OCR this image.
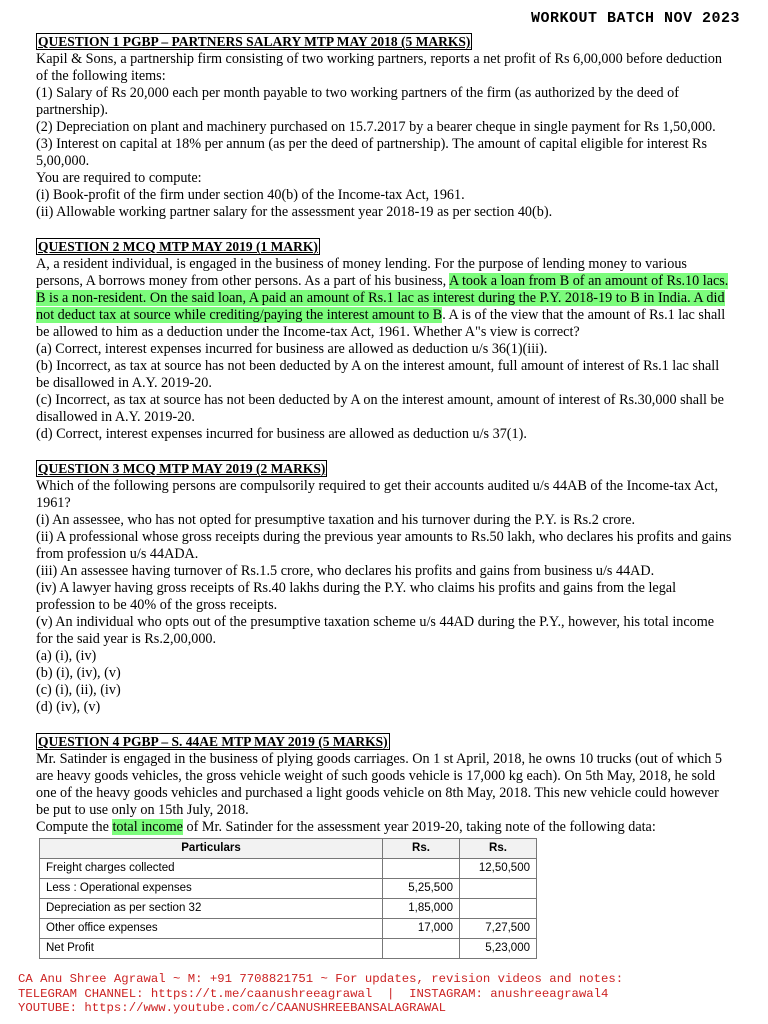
WORKOUT BATCH NOV 2023
QUESTION 1 PGBP – PARTNERS SALARY MTP MAY 2018 (5 MARKS)

Kapil & Sons, a partnership firm consisting of two working partners, reports a net profit of Rs 6,00,000 before deduction of the following items:

(1) Salary of Rs 20,000 each per month payable to two working partners of the firm (as authorized by the deed of partnership).

(2) Depreciation on plant and machinery purchased on 15.7.2017 by a bearer cheque in single payment for Rs 1,50,000.

(3) Interest on capital at 18% per annum (as per the deed of partnership). The amount of capital eligible for interest Rs 5,00,000.

You are required to compute:

(i) Book-profit of the firm under section 40(b) of the Income-tax Act, 1961.

(ii) Allowable working partner salary for the assessment year 2018-19 as per section 40(b).

QUESTION 2 MCQ MTP MAY 2019 (1 MARK)

A, a resident individual, is engaged in the business of money lending. For the purpose of lending money to various persons, A borrows money from other persons. As a part of his business, A took a loan from B of an amount of Rs.10 lacs. B is a non-resident. On the said loan, A paid an amount of Rs.1 lac as interest during the P.Y. 2018-19 to B in India. A did not deduct tax at source while crediting/paying the interest amount to B. A is of the view that the amount of Rs.1 lac shall be allowed to him as a deduction under the Income-tax Act, 1961. Whether A"s view is correct?

(a) Correct, interest expenses incurred for business are allowed as deduction u/s 36(1)(iii).

(b) Incorrect, as tax at source has not been deducted by A on the interest amount, full amount of interest of Rs.1 lac shall be disallowed in A.Y. 2019-20.

(c) Incorrect, as tax at source has not been deducted by A on the interest amount, amount of interest of Rs.30,000 shall be disallowed in A.Y. 2019-20.

(d) Correct, interest expenses incurred for business are allowed as deduction u/s 37(1).

QUESTION 3 MCQ MTP MAY 2019 (2 MARKS)

Which of the following persons are compulsorily required to get their accounts audited u/s 44AB of the Income-tax Act, 1961?

(i) An assessee, who has not opted for presumptive taxation and his turnover during the P.Y. is Rs.2 crore.

(ii) A professional whose gross receipts during the previous year amounts to Rs.50 lakh, who declares his profits and gains from profession u/s 44ADA.

(iii) An assessee having turnover of Rs.1.5 crore, who declares his profits and gains from business u/s 44AD.

(iv) A lawyer having gross receipts of Rs.40 lakhs during the P.Y. who claims his profits and gains from the legal profession to be 40% of the gross receipts.

(v) An individual who opts out of the presumptive taxation scheme u/s 44AD during the P.Y., however, his total income for the said year is Rs.2,00,000.

(a) (i), (iv)

(b) (i), (iv), (v)

(c) (i), (ii), (iv)

(d) (iv), (v)

QUESTION 4 PGBP – S. 44AE MTP MAY 2019 (5 MARKS)

Mr. Satinder is engaged in the business of plying goods carriages. On 1 st April, 2018, he owns 10 trucks (out of which 5 are heavy goods vehicles, the gross vehicle weight of such goods vehicle is 17,000 kg each). On 5th May, 2018, he sold one of the heavy goods vehicles and purchased a light goods vehicle on 8th May, 2018. This new vehicle could however be put to use only on 15th July, 2018.

Compute the total income of Mr. Satinder for the assessment year 2019-20, taking note of the following data:

Particulars	Rs.	Rs.
Freight charges collected		12,50,500
Less : Operational expenses	5,25,500	
Depreciation as per section 32	1,85,000	
Other office expenses	17,000	7,27,500
Net Profit		5,23,000
CA Anu Shree Agrawal ~ M: +91 7708821751 ~ For updates, revision videos and notes:
TELEGRAM CHANNEL: https://t.me/caanushreeagrawal  |  INSTAGRAM: anushreeagrawal4
YOUTUBE: https://www.youtube.com/c/CAANUSHREEBANSALAGRAWAL
